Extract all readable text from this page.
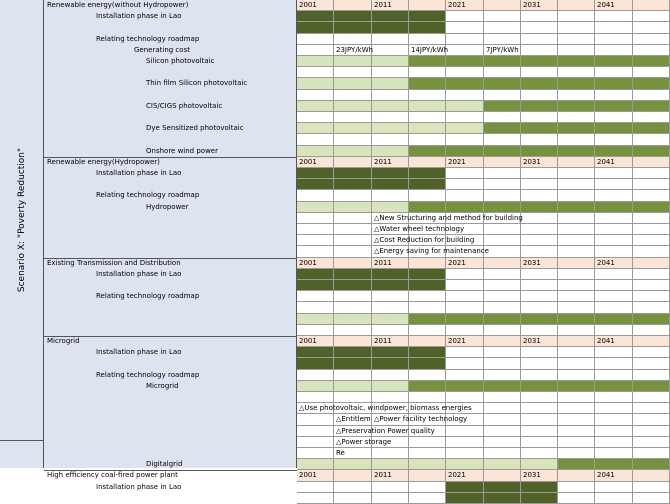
Scenario X: "Poverty Reduction"
Renewable energy(without Hydropower)	2001	2011	2021	2031	2041
Installation phase in Lao
Relating technology roadmap
Generating cost	23JPY/kWh	14JPY/kWh	7JPY/kWh
Silicon photovoltaic
Thin film Silicon photovoltaic
CIS/CIGS photovoltaic
Dye Sensitized photovoltaic
Onshore wind power
Renewable energy(Hydropower)	2001	2011	2021	2031	2041
Installation phase in Lao
Relating technology roadmap
Hydropower
△New Structuring and method for building
△Water wheel technology
△Cost Reduction for building
△Energy saving for maintenance
Existing Transmission and Distribution	2001	2011	2021	2031	2041
Installation phase in Lao
Relating technology roadmap
Microgrid	2001	2011	2021	2031	2041
Installation phase in Lao
Relating technology roadmap
Microgrid
△Use photovoltaic, windpower, biomass energies
△Entitlem △Power facility technology
△Preservation Power quality
△Power storage
Re
Digitalgrid
High efficiency coal-fired power plant	2001	2011	2021	2031	2041
Installation phase in Lao
